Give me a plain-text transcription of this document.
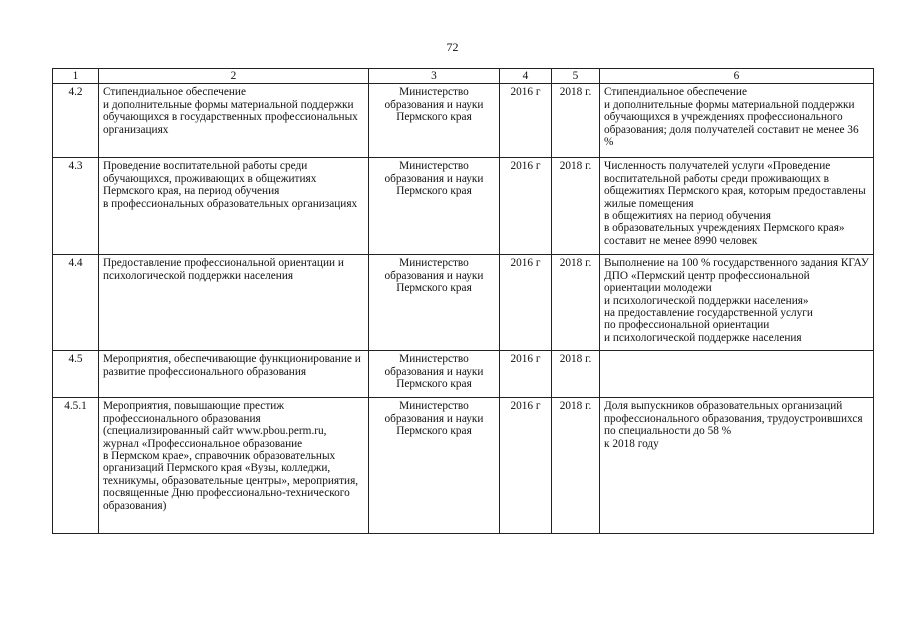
72
1	2	3	4	5	6
4.2	Стипендиальное обеспечение
и дополнительные формы материальной поддержки обучающихся в государственных профессиональных организациях	Министерство образования и науки Пермского края	2016 г	2018 г.	Стипендиальное обеспечение
и дополнительные формы материальной поддержки обучающихся в учреждениях профессионального образования; доля получателей составит не менее 36 %
4.3	Проведение воспитательной работы среди обучающихся, проживающих в общежитиях Пермского края, на период обучения
в профессиональных образовательных организациях	Министерство образования и науки Пермского края	2016 г	2018 г.	Численность получателей услуги «Проведение воспитательной работы среди проживающих в общежитиях Пермского края, которым предоставлены жилые помещения
в общежитиях на период обучения
в образовательных учреждениях Пермского края» составит не менее 8990 человек
4.4	Предоставление профессиональной ориентации и психологической поддержки населения	Министерство образования и науки Пермского края	2016 г	2018 г.	Выполнение на 100 % государственного задания КГАУ ДПО «Пермский центр профессиональной ориентации молодежи
и психологической поддержки населения»
на предоставление государственной услуги
по профессиональной ориентации
и психологической поддержке населения
4.5	Мероприятия, обеспечивающие функционирование и развитие профессионального образования	Министерство образования и науки Пермского края	2016 г	2018 г.	
4.5.1	Мероприятия, повышающие престиж профессионального образования (специализированный сайт www.pbou.perm.ru, журнал «Профессиональное образование
в Пермском крае», справочник образовательных организаций Пермского края «Вузы, колледжи, техникумы, образовательные центры», мероприятия, посвященные Дню профессионально-технического образования)	Министерство образования и науки Пермского края	2016 г	2018 г.	Доля выпускников образовательных организаций профессионального образования, трудоустроившихся по специальности до 58 %
к 2018 году
